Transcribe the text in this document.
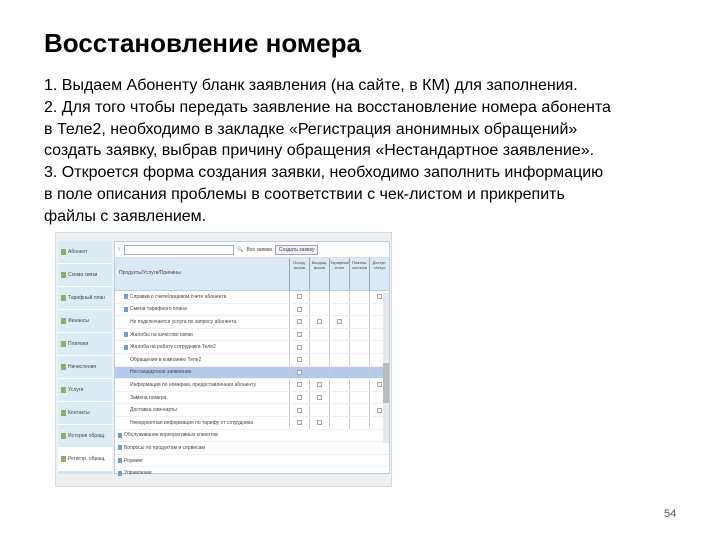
Восстановление номера

1. Выдаем Абоненту бланк заявления (на сайте, в КМ) для заполнения.

2. Для того чтобы передать заявление на восстановление номера абонента

в Теле2, необходимо в закладке «Регистрация анонимных обращений»

создать заявку, выбрав причину обращения «Нестандартное заявление».

3. Откроется форма создания заявки, необходимо заполнить информацию

в поле описания проблемы в соответствии с чек-листом и прикрепить

файлы с заявлением.

Абонент
Схема связи
Тарифный план
Финансы
Платежи
Начисления
Услуги
Контакты
История обращ.
Регистр. обращ.
⇧	🔍 Все заявки	Создать заявку
Продукты/Услуги/Причины
Исход. вызов
Входящ. вызов
Тарифный план
Платеж. система
Доступ. статус
Справки о счете/лицевом счете абонента
Смена тарифного плана
Не подключается услуга по запросу абонента
Жалобы на качество связи
Жалоба на работу сотрудника Теле2
Обращения в компанию Теле2
Нестандартное заявление
Информация по номерам, предоставленная абоненту
Замена номера
Доставка сим-карты
Некорректная информация по тарифу от сотрудника
Обслуживание корпоративных клиентов
Вопросы по продуктам и сервисам
Роуминг
Управление
54
